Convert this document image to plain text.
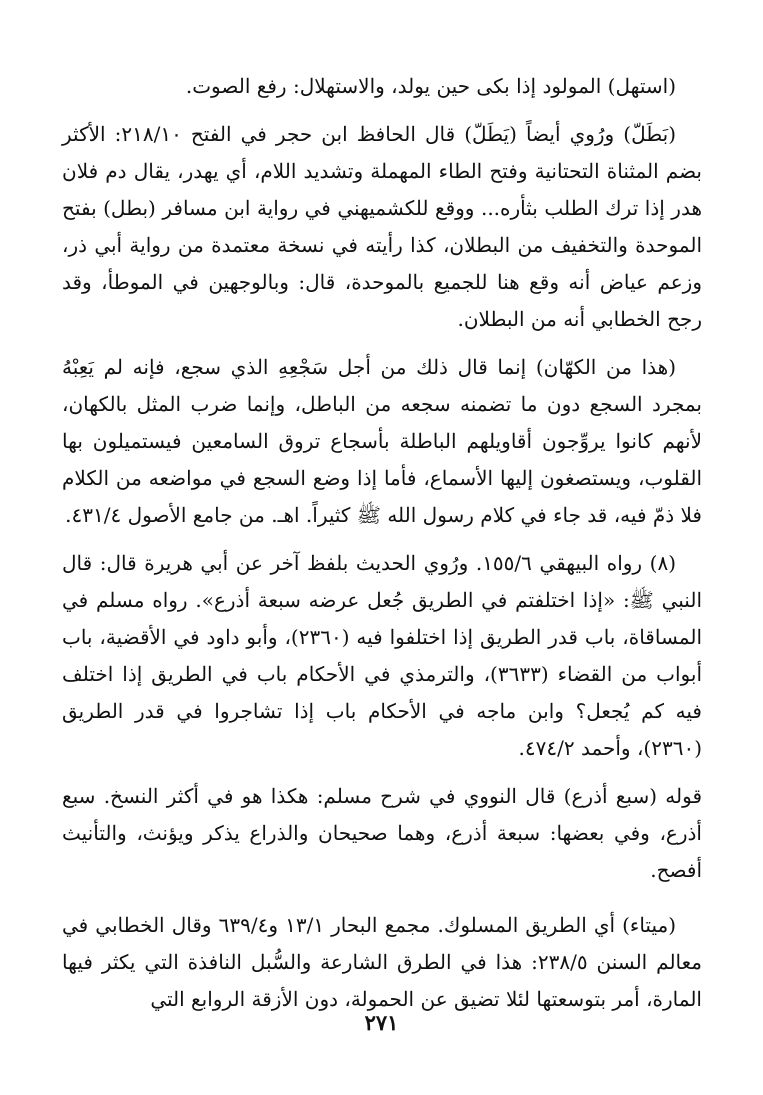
(استهل) المولود إذا بكى حين يولد، والاستهلال: رفع الصوت.

(بَطَلّ) ورُوي أيضاً (يَطَلّ) قال الحافظ ابن حجر في الفتح ٢١٨/١٠: الأكثر بضم المثناة التحتانية وفتح الطاء المهملة وتشديد اللام، أي يهدر، يقال دم فلان هدر إذا ترك الطلب بثأره... ووقع للكشميهني في رواية ابن مسافر (بطل) بفتح الموحدة والتخفيف من البطلان، كذا رأيته في نسخة معتمدة من رواية أبي ذر، وزعم عياض أنه وقع هنا للجميع بالموحدة، قال: وبالوجهين في الموطأ، وقد رجح الخطابي أنه من البطلان.

(هذا من الكهّان) إنما قال ذلك من أجل سَجْعِهِ الذي سجع، فإنه لم يَعِبْهُ بمجرد السجع دون ما تضمنه سجعه من الباطل، وإنما ضرب المثل بالكهان، لأنهم كانوا يروِّجون أقاويلهم الباطلة بأسجاع تروق السامعين فيستميلون بها القلوب، ويستصغون إليها الأسماع، فأما إذا وضع السجع في مواضعه من الكلام فلا ذمّ فيه، قد جاء في كلام رسول الله ﷺ كثيراً. اهـ. من جامع الأصول ٤٣١/٤.

(٨) رواه البيهقي ١٥٥/٦. ورُوي الحديث بلفظ آخر عن أبي هريرة قال: قال النبي ﷺ: «إذا اختلفتم في الطريق جُعل عرضه سبعة أذرع». رواه مسلم في المساقاة، باب قدر الطريق إذا اختلفوا فيه (٢٣٦٠)، وأبو داود في الأقضية، باب أبواب من القضاء (٣٦٣٣)، والترمذي في الأحكام باب في الطريق إذا اختلف فيه كم يُجعل؟ وابن ماجه في الأحكام باب إذا تشاجروا في قدر الطريق (٢٣٦٠)، وأحمد ٤٧٤/٢.

قوله (سبع أذرع) قال النووي في شرح مسلم: هكذا هو في أكثر النسخ. سبع أذرع، وفي بعضها: سبعة أذرع، وهما صحيحان والذراع يذكر ويؤنث، والتأنيث أفصح.

(ميتاء) أي الطريق المسلوك. مجمع البحار ١٣/١ و٦٣٩/٤ وقال الخطابي في معالم السنن ٢٣٨/٥: هذا في الطرق الشارعة والسُّبل النافذة التي يكثر فيها المارة، أمر بتوسعتها لئلا تضيق عن الحمولة، دون الأزقة الروابع التي

٢٧١
